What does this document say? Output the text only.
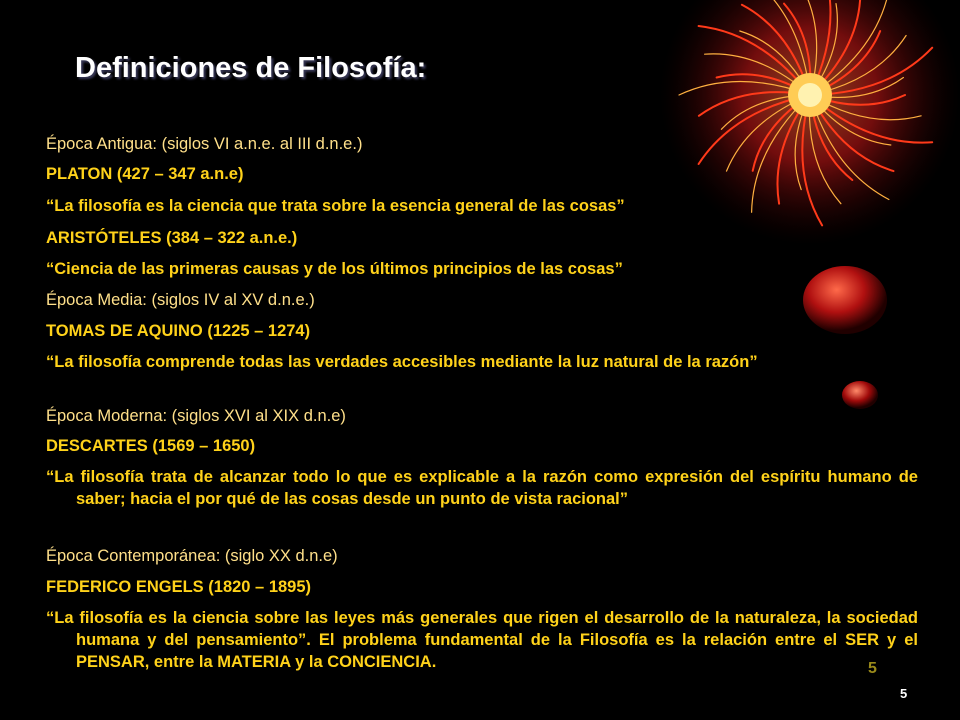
Definiciones de Filosofía:
Época Antigua: (siglos VI a.n.e. al III d.n.e.)
PLATON (427 – 347 a.n.e)
“La filosofía es la ciencia que trata sobre la esencia general de las cosas”
ARISTÓTELES (384 – 322 a.n.e.)
“Ciencia de las primeras causas y de los últimos principios de las cosas”
Época Media: (siglos IV al XV d.n.e.)
TOMAS DE AQUINO (1225 – 1274)
“La filosofía comprende todas las verdades accesibles mediante la luz natural de la razón”
Época Moderna: (siglos XVI al XIX d.n.e)
DESCARTES (1569 – 1650)
“La filosofía trata de alcanzar todo lo que es explicable a la razón como expresión del espíritu humano de saber; hacia el por qué de las cosas desde un punto de vista racional”
Época Contemporánea: (siglo XX d.n.e)
FEDERICO ENGELS (1820 – 1895)
“La filosofía es la ciencia sobre las leyes más generales que rigen el desarrollo de la naturaleza, la sociedad humana y del pensamiento”. El problema fundamental de la Filosofía es la relación entre el SER y el PENSAR, entre la MATERIA y la CONCIENCIA.	5
5
